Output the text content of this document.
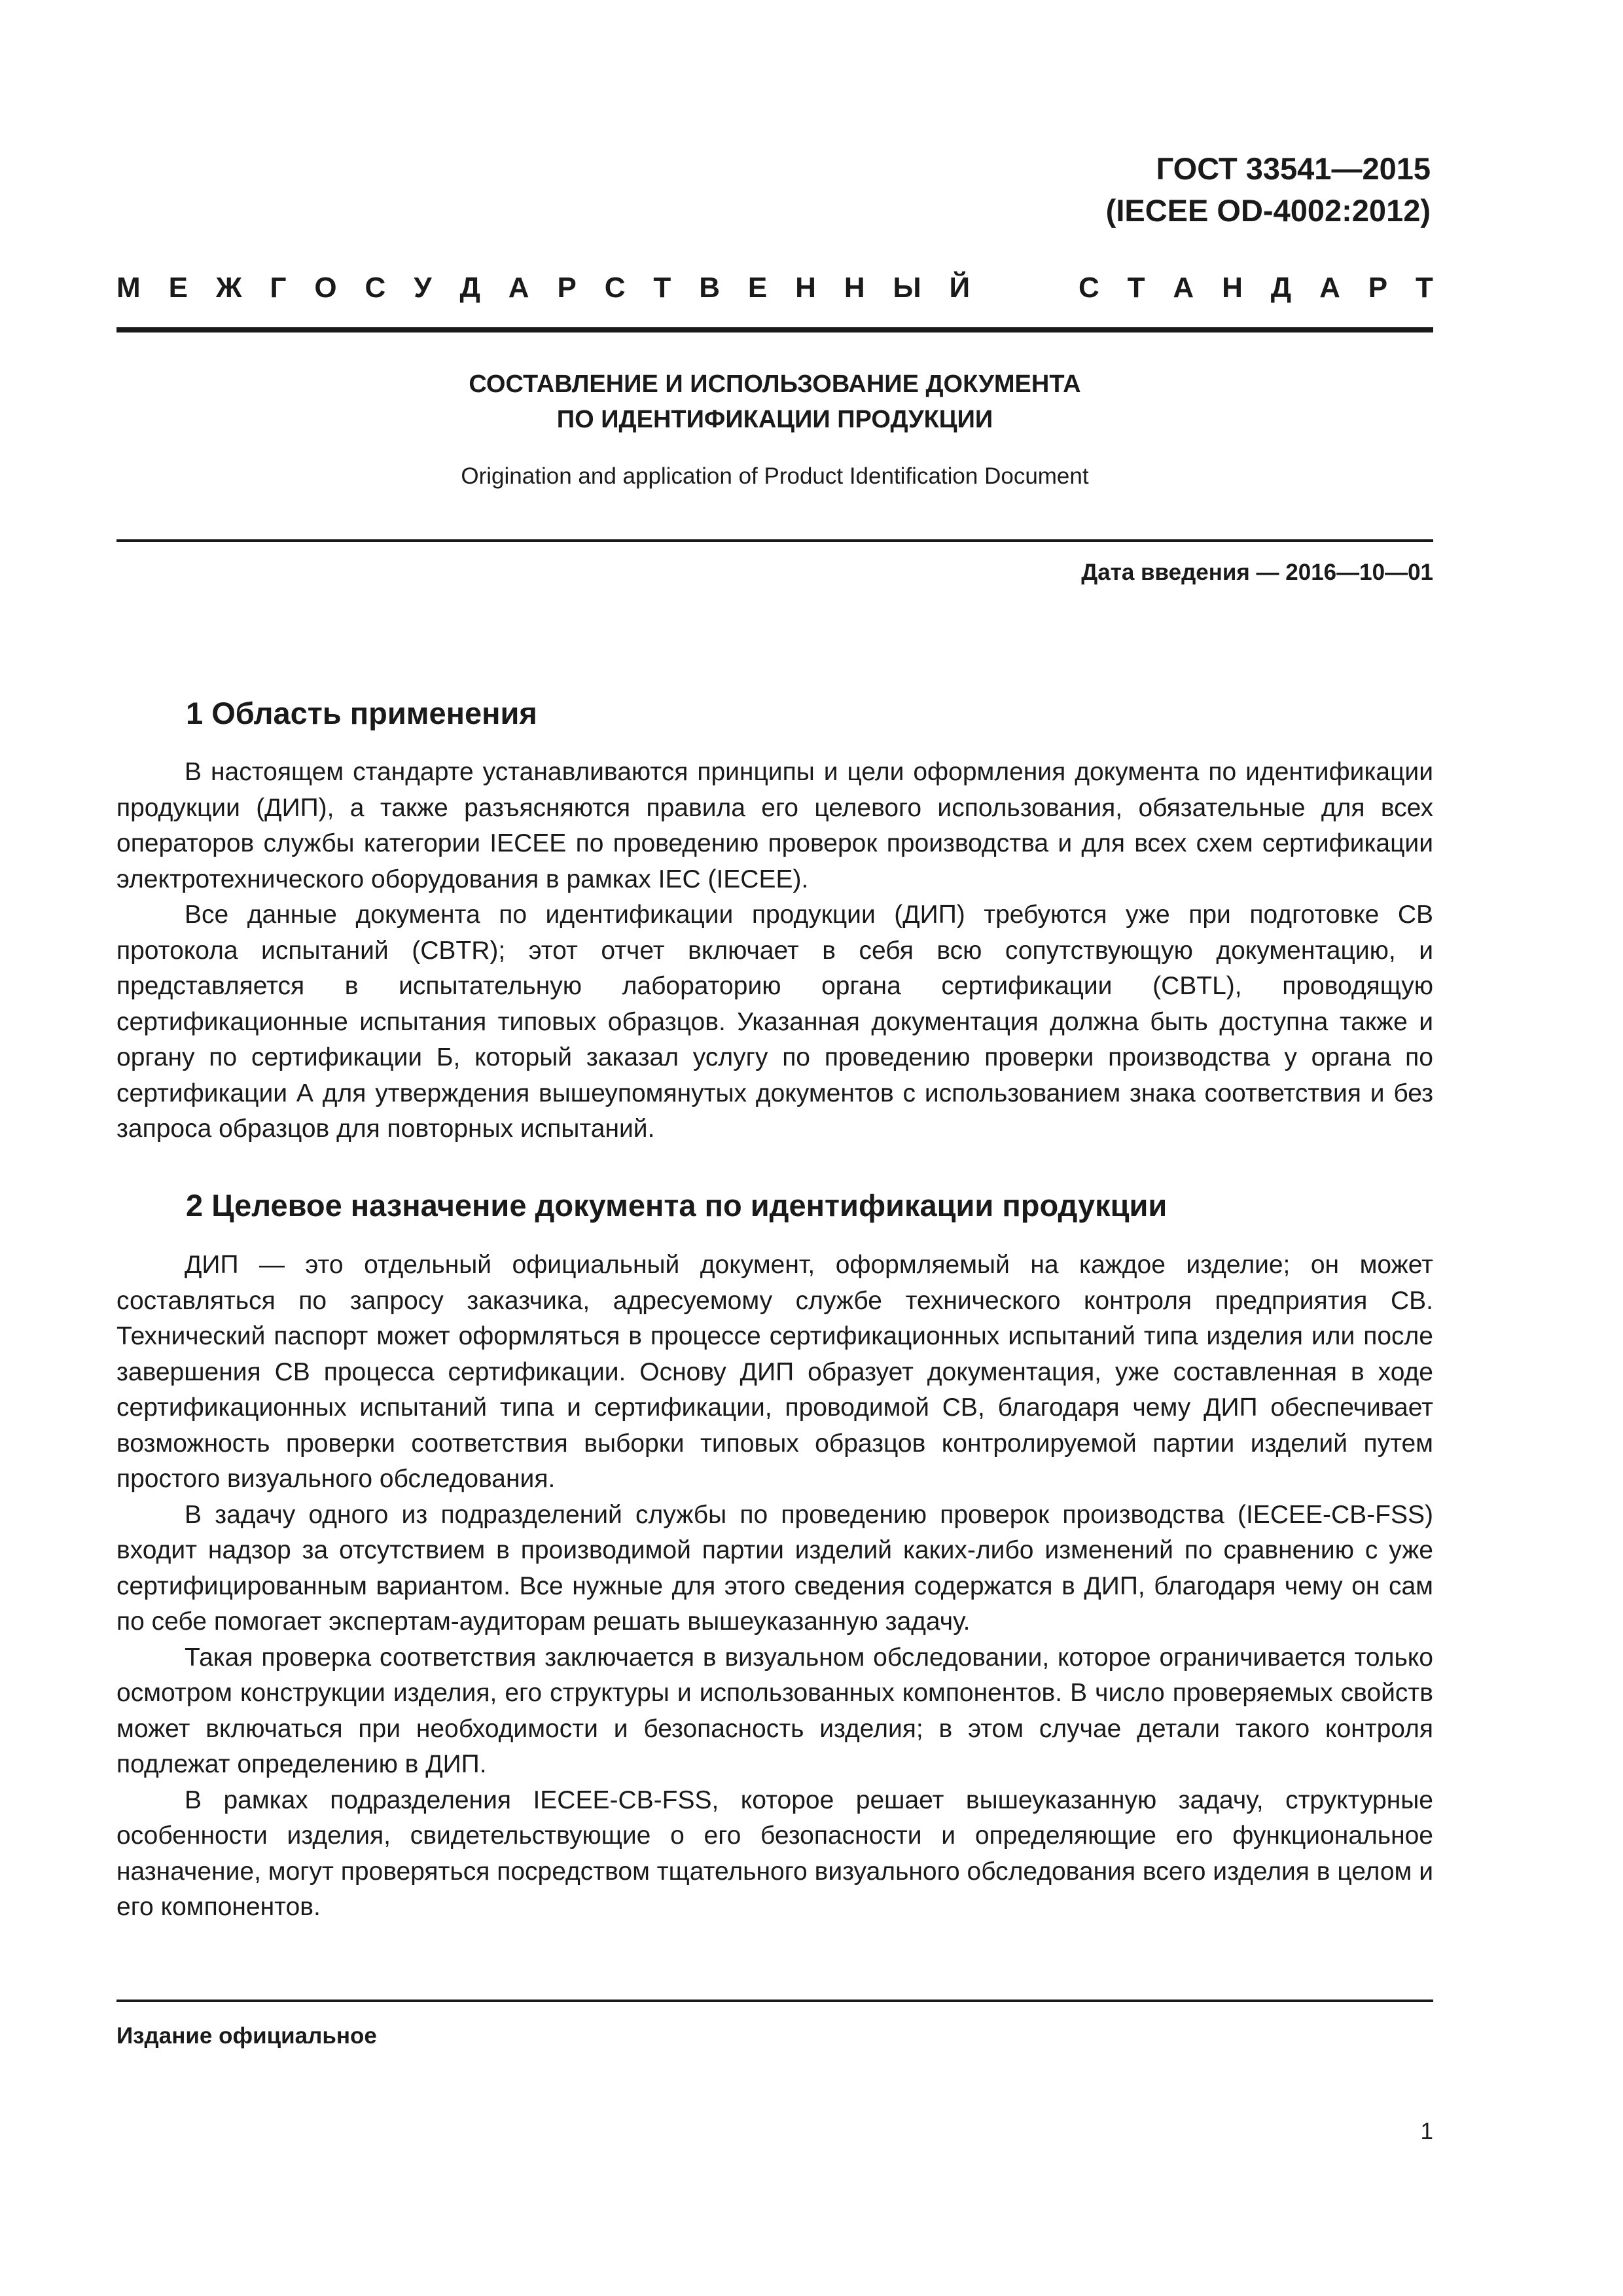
ГОСТ 33541—2015
(IECEE OD-4002:2012)
М Е Ж Г О С У Д А Р С Т В Е Н Н Ы Й	С Т А Н Д А Р Т
СОСТАВЛЕНИЕ И ИСПОЛЬЗОВАНИЕ ДОКУМЕНТА
ПО ИДЕНТИФИКАЦИИ ПРОДУКЦИИ
Origination and application of Product Identification Document
Дата введения — 2016—10—01
1 Область применения

В настоящем стандарте устанавливаются принципы и цели оформления документа по идентификации продукции (ДИП), а также разъясняются правила его целевого использования, обязательные для всех операторов службы категории IECEE по проведению проверок производства и для всех схем сертификации электротехнического оборудования в рамках IEC (IECEE).

Все данные документа по идентификации продукции (ДИП) требуются уже при подготовке CB протокола испытаний (CBTR); этот отчет включает в себя всю сопутствующую документацию, и представляется в испытательную лабораторию органа сертификации (CBTL), проводящую сертификационные испытания типовых образцов. Указанная документация должна быть доступна также и органу по сертификации Б, который заказал услугу по проведению проверки производства у органа по сертификации А для утверждения вышеупомянутых документов с использованием знака соответствия и без запроса образцов для повторных испытаний.

2 Целевое назначение документа по идентификации продукции

ДИП — это отдельный официальный документ, оформляемый на каждое изделие; он может составляться по запросу заказчика, адресуемому службе технического контроля предприятия СВ. Технический паспорт может оформляться в процессе сертификационных испытаний типа изделия или после завершения СВ процесса сертификации. Основу ДИП образует документация, уже составленная в ходе сертификационных испытаний типа и сертификации, проводимой СВ, благодаря чему ДИП обеспечивает возможность проверки соответствия выборки типовых образцов контролируемой партии изделий путем простого визуального обследования.

В задачу одного из подразделений службы по проведению проверок производства (IECEE-CB-FSS) входит надзор за отсутствием в производимой партии изделий каких-либо изменений по сравнению с уже сертифицированным вариантом. Все нужные для этого сведения содержатся в ДИП, благодаря чему он сам по себе помогает экспертам-аудиторам решать вышеуказанную задачу.

Такая проверка соответствия заключается в визуальном обследовании, которое ограничивается только осмотром конструкции изделия, его структуры и использованных компонентов. В число проверяемых свойств может включаться при необходимости и безопасность изделия; в этом случае детали такого контроля подлежат определению в ДИП.

В рамках подразделения IECEE-CB-FSS, которое решает вышеуказанную задачу, структурные особенности изделия, свидетельствующие о его безопасности и определяющие его функциональное назначение, могут проверяться посредством тщательного визуального обследования всего изделия в целом и его компонентов.

Издание официальное
1
